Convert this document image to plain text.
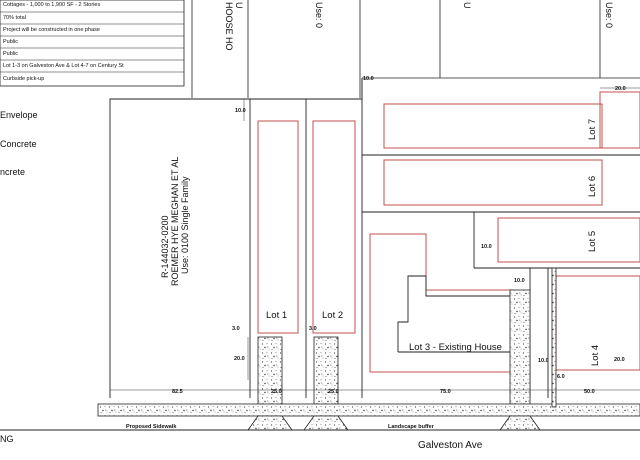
Cottages - 1,000 to 1,900 SF - 2 Stories
70% total
Project will be constructed in one phase
Public
Public
Lot 1-3 on Galveston Ave & Lot 4-7 on Century St
Curbside pick-up
Envelope
Concrete
ncrete
HOOSE HO U	Use: 0	U	Use: 0
10.0
10.0
3.0	3.0
20.0
82.5	25.0	25.0	75.0	50.0
20.0
10.0
10.0
10.0
6.0
20.0
R-144032-0200 ROEMER HYE MEGHAN ET AL Use: 0100 Single Family
Lot 1	Lot 2
Lot 3 - Existing House
Lot 7
Lot 6
Lot 5
Lot 4
Proposed Sidewalk	Landscape buffer
Galveston Ave
NG
